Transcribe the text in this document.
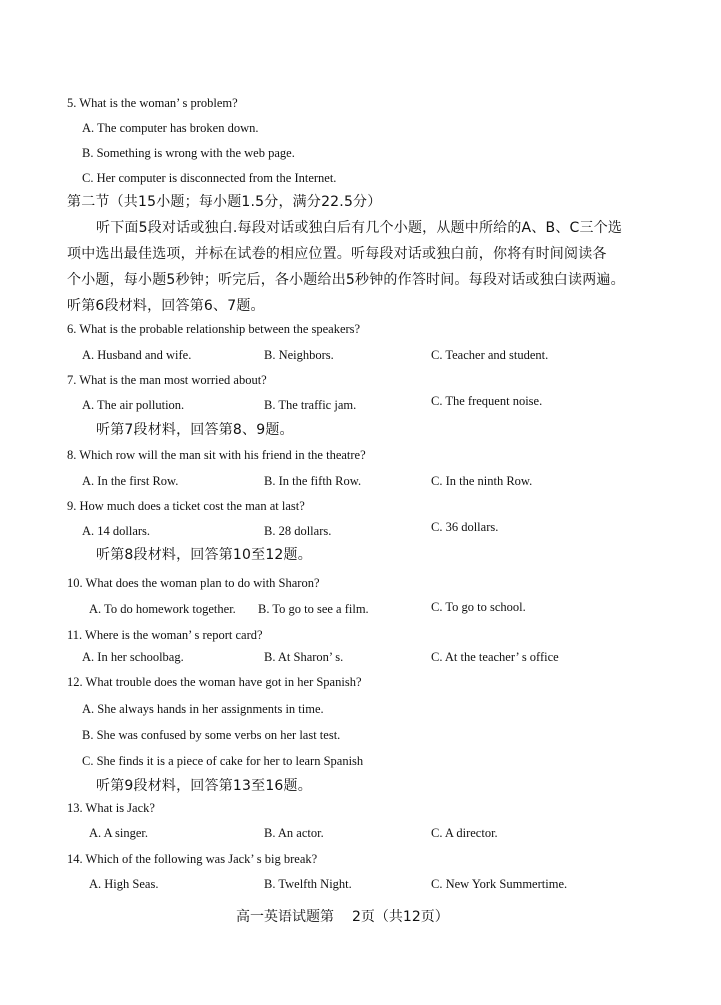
5. What is the woman’ s problem?
A. The computer has broken down.
B. Something is wrong with the web page.
C. Her computer is disconnected from the Internet.
第二节（共15小题；每小题1.5分，满分22.5分）
听下面5段对话或独白.每段对话或独白后有几个小题，从题中所给的A、B、C三个选
项中选出最佳选项，并标在试卷的相应位置。听每段对话或独白前，你将有时间阅读各
个小题，每小题5秒钟；听完后，各小题给出5秒钟的作答时间。每段对话或独白读两遍。
听第6段材料，回答第6、7题。
6. What is the probable relationship between the speakers?
A. Husband and wife.	B. Neighbors.	C. Teacher and student.
7. What is the man most worried about?
A. The air pollution.	B. The traffic jam.	C. The frequent noise.
听第7段材料，回答第8、9题。
8. Which row will the man sit with his friend in the theatre?
A. In the first Row.	B. In the fifth Row.	C. In the ninth Row.
9. How much does a ticket cost the man at last?
A. 14 dollars.	B. 28 dollars.	C. 36 dollars.
听第8段材料，回答第10至12题。
10. What does the woman plan to do with Sharon?
A. To do homework together. B. To go to see a film.	C. To go to school.
11. Where is the woman’ s report card?
A. In her schoolbag.	B. At Sharon’ s.	C. At the teacher’ s office
12. What trouble does the woman have got in her Spanish?
A. She always hands in her assignments in time.
B. She was confused by some verbs on her last test.
C. She finds it is a piece of cake for her to learn Spanish
听第9段材料，回答第13至16题。
13. What is Jack?
A. A singer.	B. An actor.	C. A director.
14. Which of the following was Jack’ s big break?
A. High Seas.	B. Twelfth Night.	C. New York Summertime.
高一英语试题第 2页（共12页）
